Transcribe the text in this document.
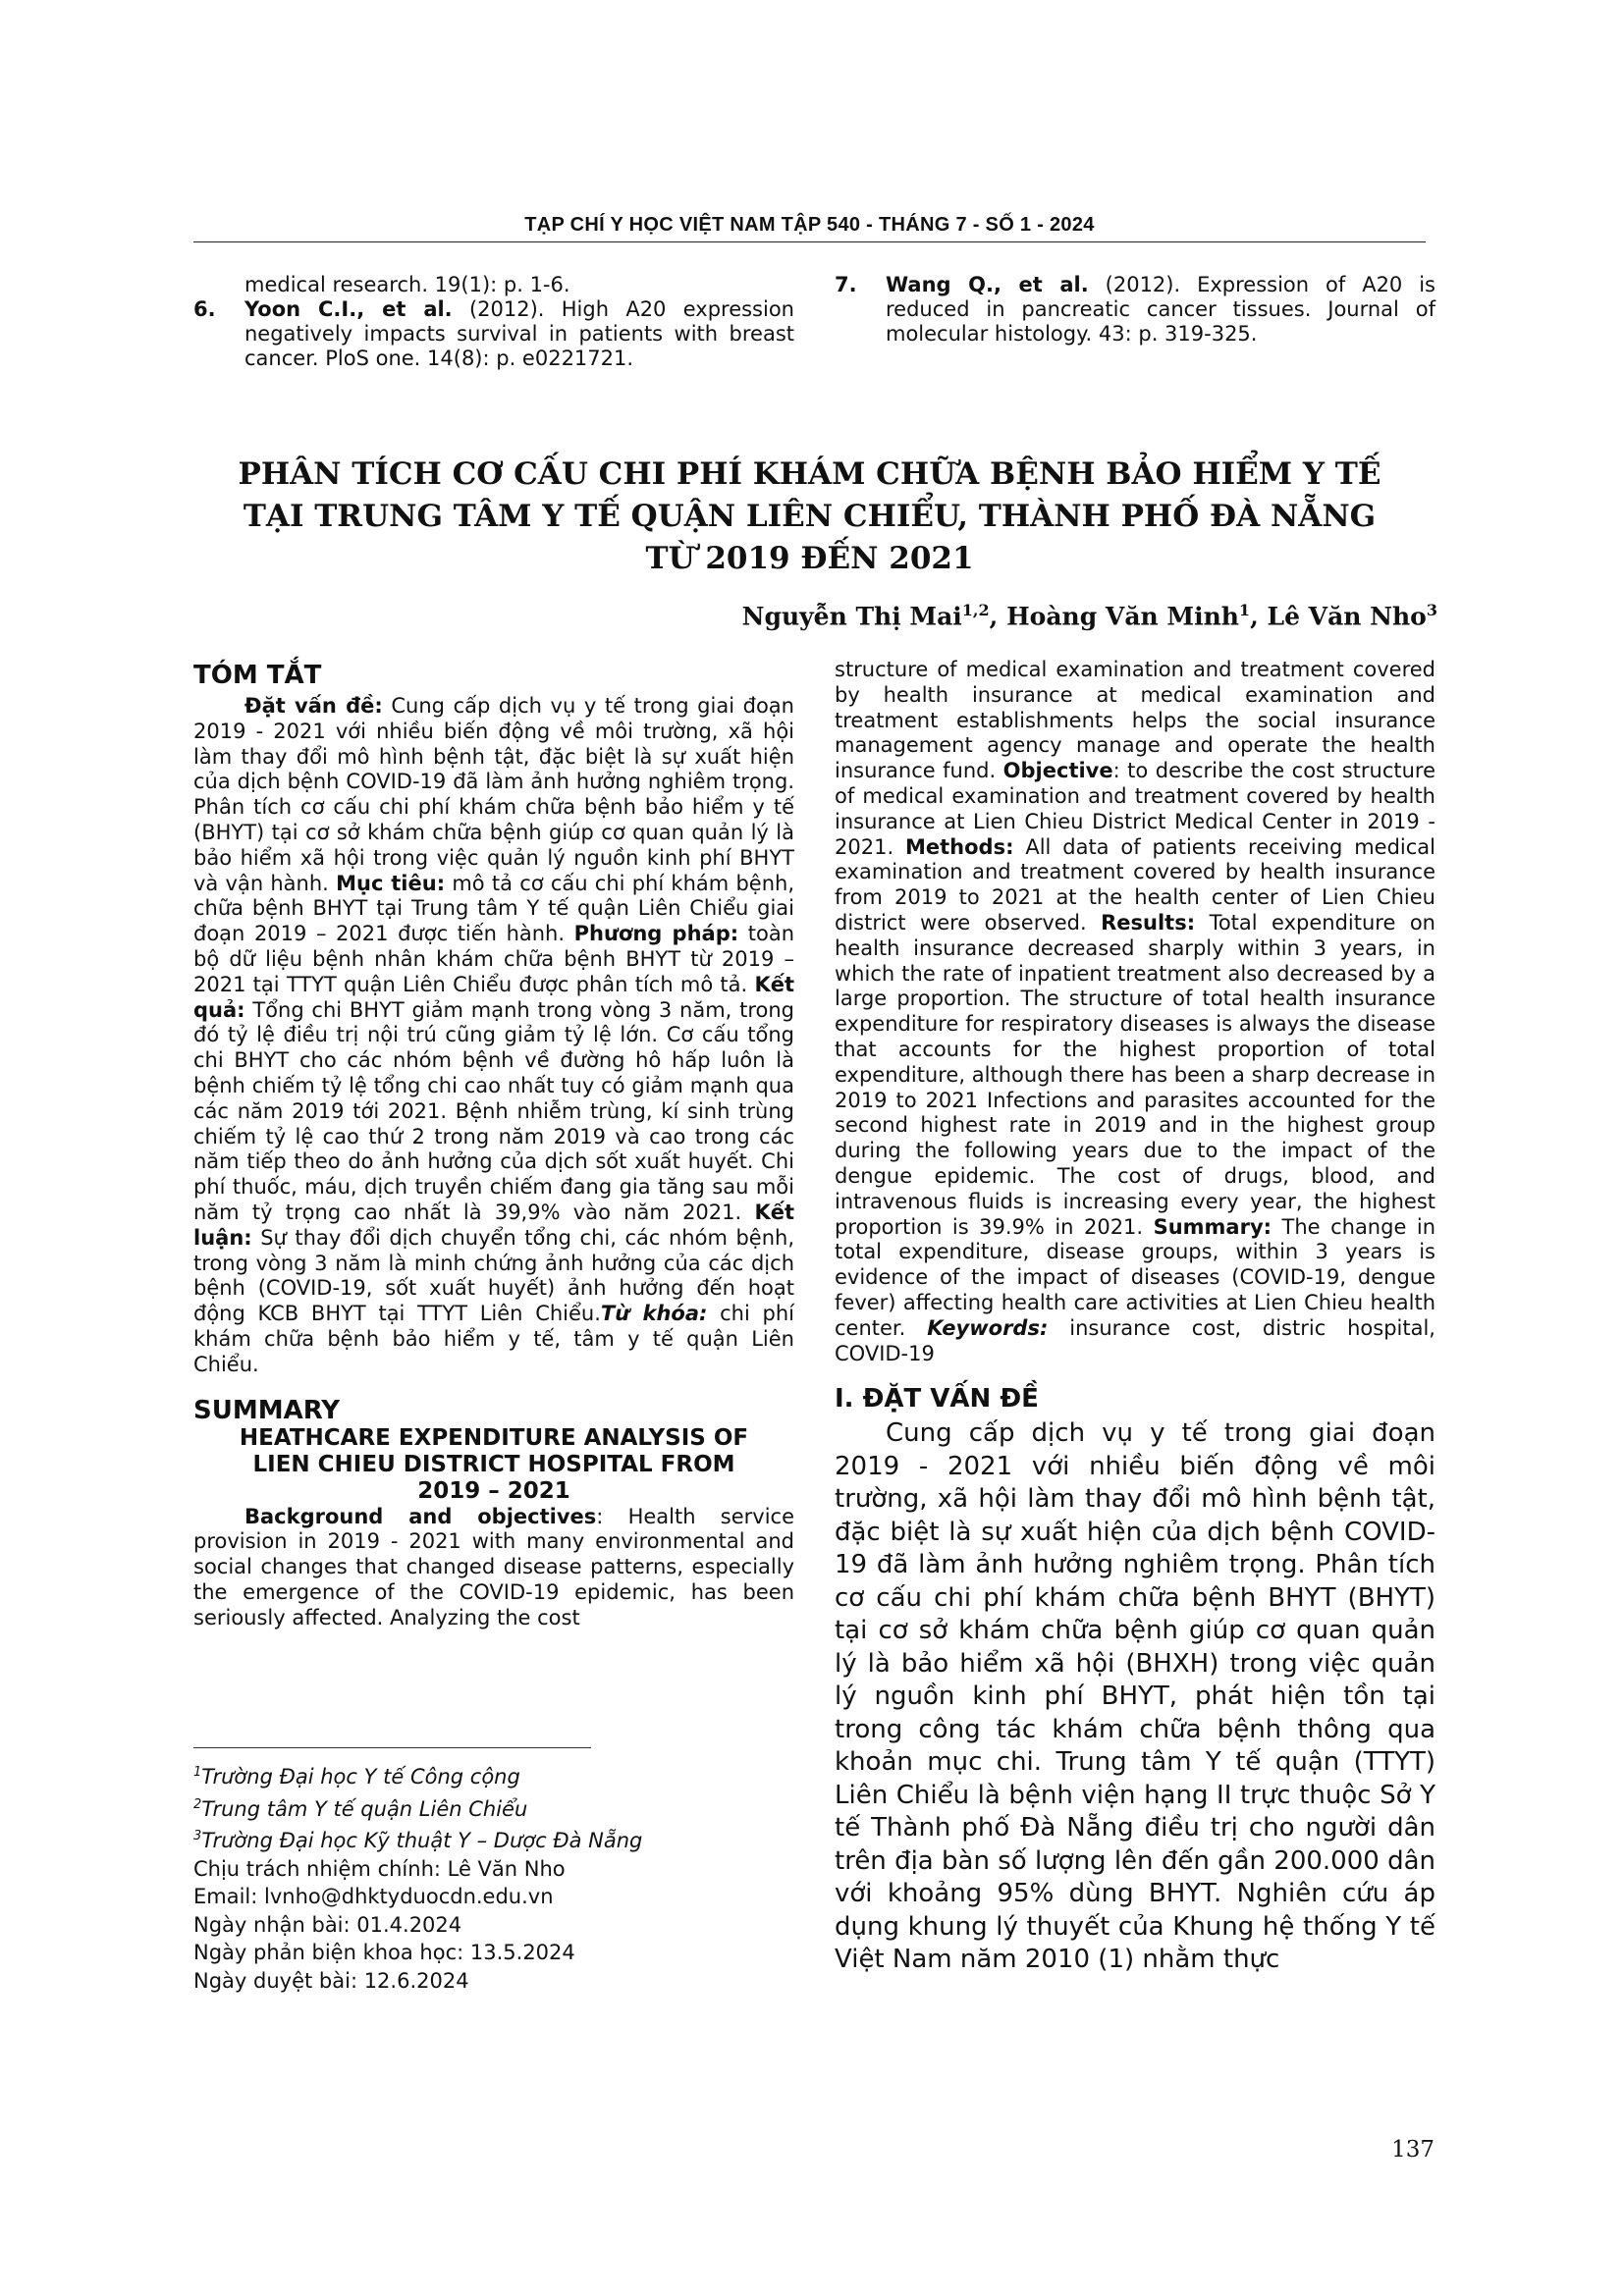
TẠP CHÍ Y HỌC VIỆT NAM TẬP 540 - THÁNG 7 - SỐ 1 - 2024
medical research. 19(1): p. 1-6.
6.	Yoon C.I., et al. (2012). High A20 expression negatively impacts survival in patients with breast cancer. PloS one. 14(8): p. e0221721.
7.	Wang Q., et al. (2012). Expression of A20 is reduced in pancreatic cancer tissues. Journal of molecular histology. 43: p. 319-325.
PHÂN TÍCH CƠ CẤU CHI PHÍ KHÁM CHỮA BỆNH BẢO HIỂM Y TẾ
TẠI TRUNG TÂM Y TẾ QUẬN LIÊN CHIỂU, THÀNH PHỐ ĐÀ NẴNG
TỪ 2019 ĐẾN 2021
Nguyễn Thị Mai$^{1,2}$, Hoàng Văn Minh$^1$, Lê Văn Nho$^3$
TÓM TẮT

Đặt vấn đề: Cung cấp dịch vụ y tế trong giai đoạn 2019 - 2021 với nhiều biến động về môi trường, xã hội làm thay đổi mô hình bệnh tật, đặc biệt là sự xuất hiện của dịch bệnh COVID-19 đã làm ảnh hưởng nghiêm trọng. Phân tích cơ cấu chi phí khám chữa bệnh bảo hiểm y tế (BHYT) tại cơ sở khám chữa bệnh giúp cơ quan quản lý là bảo hiểm xã hội trong việc quản lý nguồn kinh phí BHYT và vận hành. Mục tiêu: mô tả cơ cấu chi phí khám bệnh, chữa bệnh BHYT tại Trung tâm Y tế quận Liên Chiểu giai đoạn 2019 – 2021 được tiến hành. Phương pháp: toàn bộ dữ liệu bệnh nhân khám chữa bệnh BHYT từ 2019 – 2021 tại TTYT quận Liên Chiểu được phân tích mô tả. Kết quả: Tổng chi BHYT giảm mạnh trong vòng 3 năm, trong đó tỷ lệ điều trị nội trú cũng giảm tỷ lệ lớn. Cơ cấu tổng chi BHYT cho các nhóm bệnh về đường hô hấp luôn là bệnh chiếm tỷ lệ tổng chi cao nhất tuy có giảm mạnh qua các năm 2019 tới 2021. Bệnh nhiễm trùng, kí sinh trùng chiếm tỷ lệ cao thứ 2 trong năm 2019 và cao trong các năm tiếp theo do ảnh hưởng của dịch sốt xuất huyết. Chi phí thuốc, máu, dịch truyền chiếm đang gia tăng sau mỗi năm tỷ trọng cao nhất là 39,9% vào năm 2021. Kết luận: Sự thay đổi dịch chuyển tổng chi, các nhóm bệnh, trong vòng 3 năm là minh chứng ảnh hưởng của các dịch bệnh (COVID-19, sốt xuất huyết) ảnh hưởng đến hoạt động KCB BHYT tại TTYT Liên Chiểu.Từ khóa: chi phí khám chữa bệnh bảo hiểm y tế, tâm y tế quận Liên Chiểu.

SUMMARY
HEATHCARE EXPENDITURE ANALYSIS OF
LIEN CHIEU DISTRICT HOSPITAL FROM
2019 – 2021

Background and objectives: Health service provision in 2019 - 2021 with many environmental and social changes that changed disease patterns, especially the emergence of the COVID-19 epidemic, has been seriously affected. Analyzing the cost

structure of medical examination and treatment covered by health insurance at medical examination and treatment establishments helps the social insurance management agency manage and operate the health insurance fund. Objective: to describe the cost structure of medical examination and treatment covered by health insurance at Lien Chieu District Medical Center in 2019 - 2021. Methods: All data of patients receiving medical examination and treatment covered by health insurance from 2019 to 2021 at the health center of Lien Chieu district were observed. Results: Total expenditure on health insurance decreased sharply within 3 years, in which the rate of inpatient treatment also decreased by a large proportion. The structure of total health insurance expenditure for respiratory diseases is always the disease that accounts for the highest proportion of total expenditure, although there has been a sharp decrease in 2019 to 2021 Infections and parasites accounted for the second highest rate in 2019 and in the highest group during the following years due to the impact of the dengue epidemic. The cost of drugs, blood, and intravenous fluids is increasing every year, the highest proportion is 39.9% in 2021. Summary: The change in total expenditure, disease groups, within 3 years is evidence of the impact of diseases (COVID-19, dengue fever) affecting health care activities at Lien Chieu health center. Keywords: insurance cost, distric hospital, COVID-19

I. ĐẶT VẤN ĐỀ

Cung cấp dịch vụ y tế trong giai đoạn 2019 - 2021 với nhiều biến động về môi trường, xã hội làm thay đổi mô hình bệnh tật, đặc biệt là sự xuất hiện của dịch bệnh COVID-19 đã làm ảnh hưởng nghiêm trọng. Phân tích cơ cấu chi phí khám chữa bệnh BHYT (BHYT) tại cơ sở khám chữa bệnh giúp cơ quan quản lý là bảo hiểm xã hội (BHXH) trong việc quản lý nguồn kinh phí BHYT, phát hiện tồn tại trong công tác khám chữa bệnh thông qua khoản mục chi. Trung tâm Y tế quận (TTYT) Liên Chiểu là bệnh viện hạng II trực thuộc Sở Y tế Thành phố Đà Nẵng điều trị cho người dân trên địa bàn số lượng lên đến gần 200.000 dân với khoảng 95% dùng BHYT. Nghiên cứu áp dụng khung lý thuyết của Khung hệ thống Y tế Việt Nam năm 2010 (1) nhằm thực

$^1$Trường Đại học Y tế Công cộng
$^2$Trung tâm Y tế quận Liên Chiểu
$^3$Trường Đại học Kỹ thuật Y – Dược Đà Nẵng
Chịu trách nhiệm chính: Lê Văn Nho
Email: lvnho@dhktyduocdn.edu.vn
Ngày nhận bài: 01.4.2024
Ngày phản biện khoa học: 13.5.2024
Ngày duyệt bài: 12.6.2024
137
